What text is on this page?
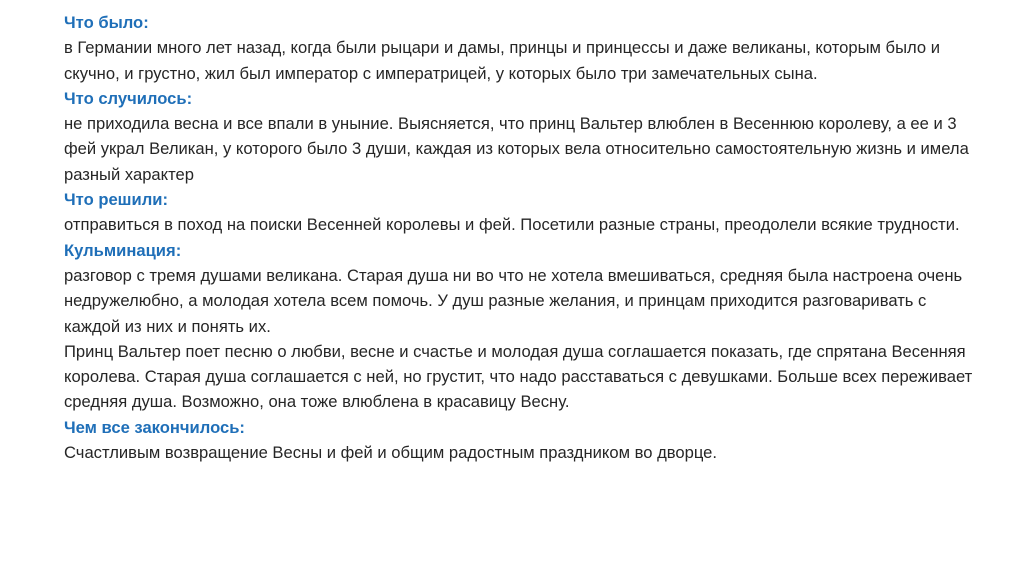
Что было:
в Германии много лет назад, когда были рыцари и дамы, принцы и принцессы и даже великаны, которым было и скучно, и грустно, жил был император с императрицей, у которых было три замечательных сына.
Что случилось:
не приходила весна и все впали в уныние. Выясняется, что принц Вальтер влюблен в Весеннюю королеву, а ее и 3 фей украл Великан, у которого было 3 души, каждая из которых вела относительно самостоятельную жизнь и имела разный характер
Что решили:
отправиться в поход на поиски Весенней королевы и фей. Посетили разные страны, преодолели всякие трудности.
Кульминация:
разговор с тремя душами великана. Старая душа ни во что не хотела вмешиваться, средняя была настроена очень недружелюбно, а молодая хотела всем помочь. У душ разные желания, и принцам приходится разговаривать с каждой из них и понять их.
Принц Вальтер поет песню о любви, весне и счастье и молодая душа соглашается показать, где спрятана Весенняя королева. Старая душа соглашается с ней, но грустит, что надо расставаться с девушками. Больше всех переживает средняя душа. Возможно, она тоже влюблена в красавицу Весну.
Чем все закончилось:
Счастливым возвращение Весны и фей и общим радостным праздником во дворце.
